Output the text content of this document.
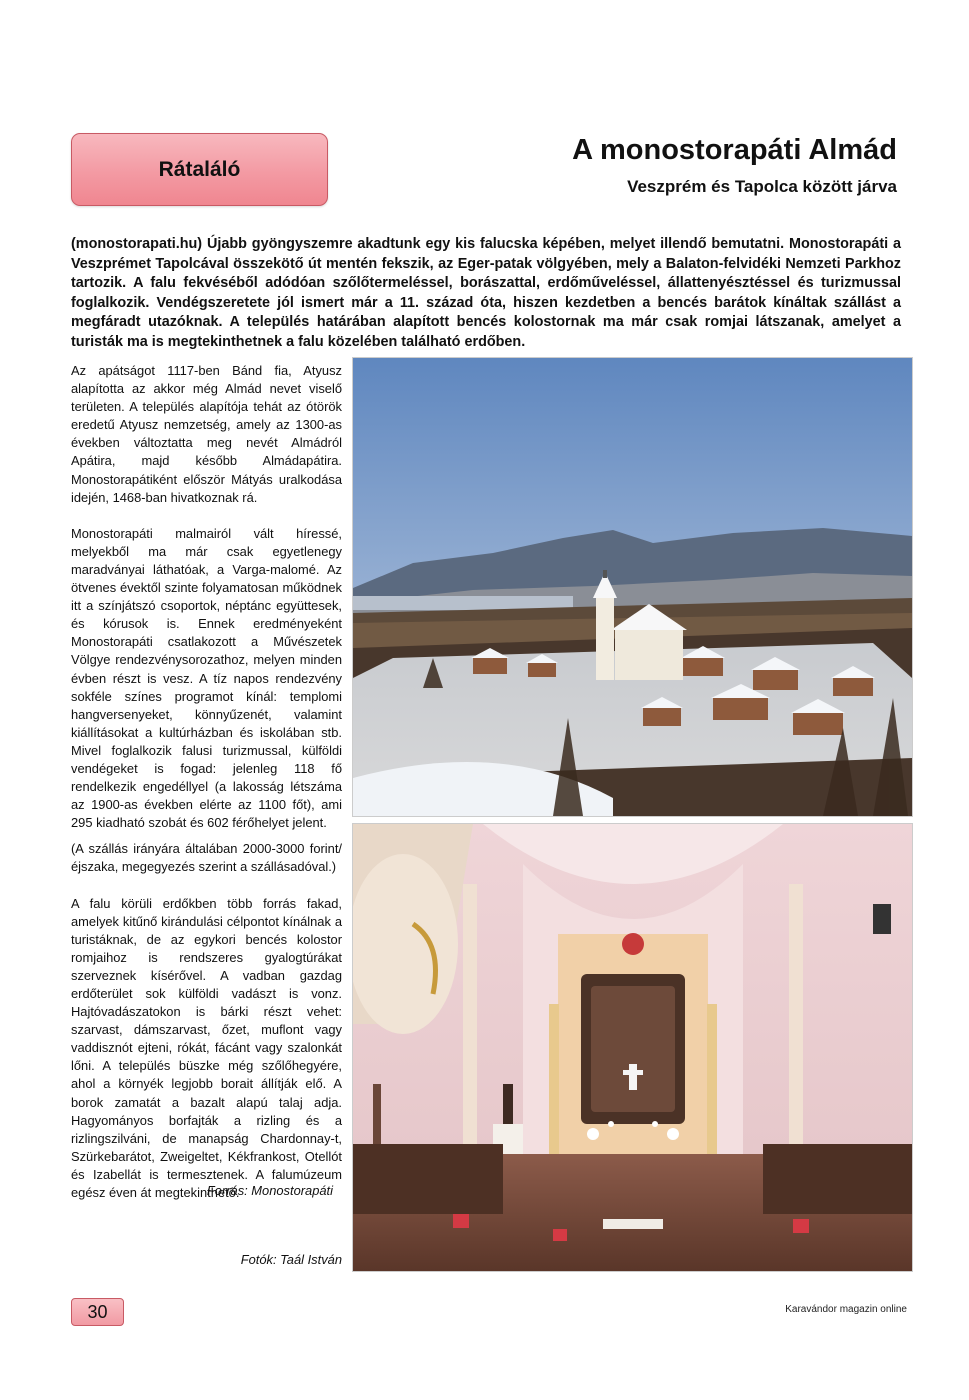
Rátaláló
A monostorapáti Almád
Veszprém és Tapolca között járva
(monostorapati.hu) Újabb gyöngyszemre akadtunk egy kis falucska képében, melyet illendő bemutatni. Monostorapáti a Veszprémet Tapolcával összekötő út mentén fekszik, az Eger-patak völgyében, mely a Balaton-felvidéki Nemzeti Parkhoz tartozik. A falu fekvéséből adódóan szőlőtermeléssel, borászattal, erdőműveléssel, állattenyésztéssel és turizmussal foglalkozik. Vendégszeretete jól ismert már a 11. század óta, hiszen kezdetben a bencés barátok kínáltak szállást a megfáradt utazóknak. A település határában alapított bencés kolostornak ma már csak romjai látszanak, amelyet a turisták ma is megtekinthetnek a falu közelében található erdőben.

Az apátságot 1117-ben Bánd fia, Atyusz alapította az akkor még Almád nevet viselő területen. A település alapítója tehát az ótörök eredetű Atyusz nemzetség, amely az 1300-as években változtatta meg nevét Almádról Apátira, majd később Almádapátira. Monostorapátiként először Mátyás uralkodása idején, 1468-ban hivatkoznak rá.

Monostorapáti malmairól vált híressé, melyekből ma már csak egyetlenegy maradványai láthatóak, a Varga-malomé. Az ötvenes évektől szinte folyamatosan működnek itt a színjátszó csoportok, néptánc együttesek, és kórusok is. Ennek eredményeként Monostorapáti csatlakozott a Művészetek Völgye rendezvénysorozathoz, melyen minden évben részt is vesz. A tíz napos rendezvény sokféle színes programot kínál: templomi hangversenyeket, könnyűzenét, valamint kiállításokat a kultúrházban és iskolában stb. Mivel foglalkozik falusi turizmussal, külföldi vendégeket is fogad: jelenleg 118 fő rendelkezik engedéllyel (a lakosság létszáma az 1900-as években elérte az 1100 főt), ami 295 kiadható szobát és 602 férőhelyet jelent.

(A szállás irányára általában 2000-3000 forint/éjszaka, megegyezés szerint a szállásadóval.)

A falu körüli erdőkben több forrás fakad, amelyek kitűnő kirándulási célpontot kínálnak a turistáknak, de az egykori bencés kolostor romjaihoz is rendszeres gyalogtúrákat szerveznek kísérővel. A vadban gazdag erdőterület sok külföldi vadászt is vonz. Hajtóvadászatokon is bárki részt vehet: szarvast, dámszarvast, őzet, muflont vagy vaddisznót ejteni, rókát, fácánt vagy szalonkát lőni. A település büszke még szőlőhegyére, ahol a környék legjobb borait állítják elő. A borok zamatát a bazalt alapú talaj adja. Hagyományos borfajták a rizling és a rizlingszilváni, de manapság Chardonnay-t, Szürkebarátot, Zweigeltet, Kékfrankost, Otellót és Izabellát is termesztenek. A falumúzeum egész éven át megtekinthető.

Forrás: Monostorapáti
Fotók: Taál István
30	Karavándor magazin online
